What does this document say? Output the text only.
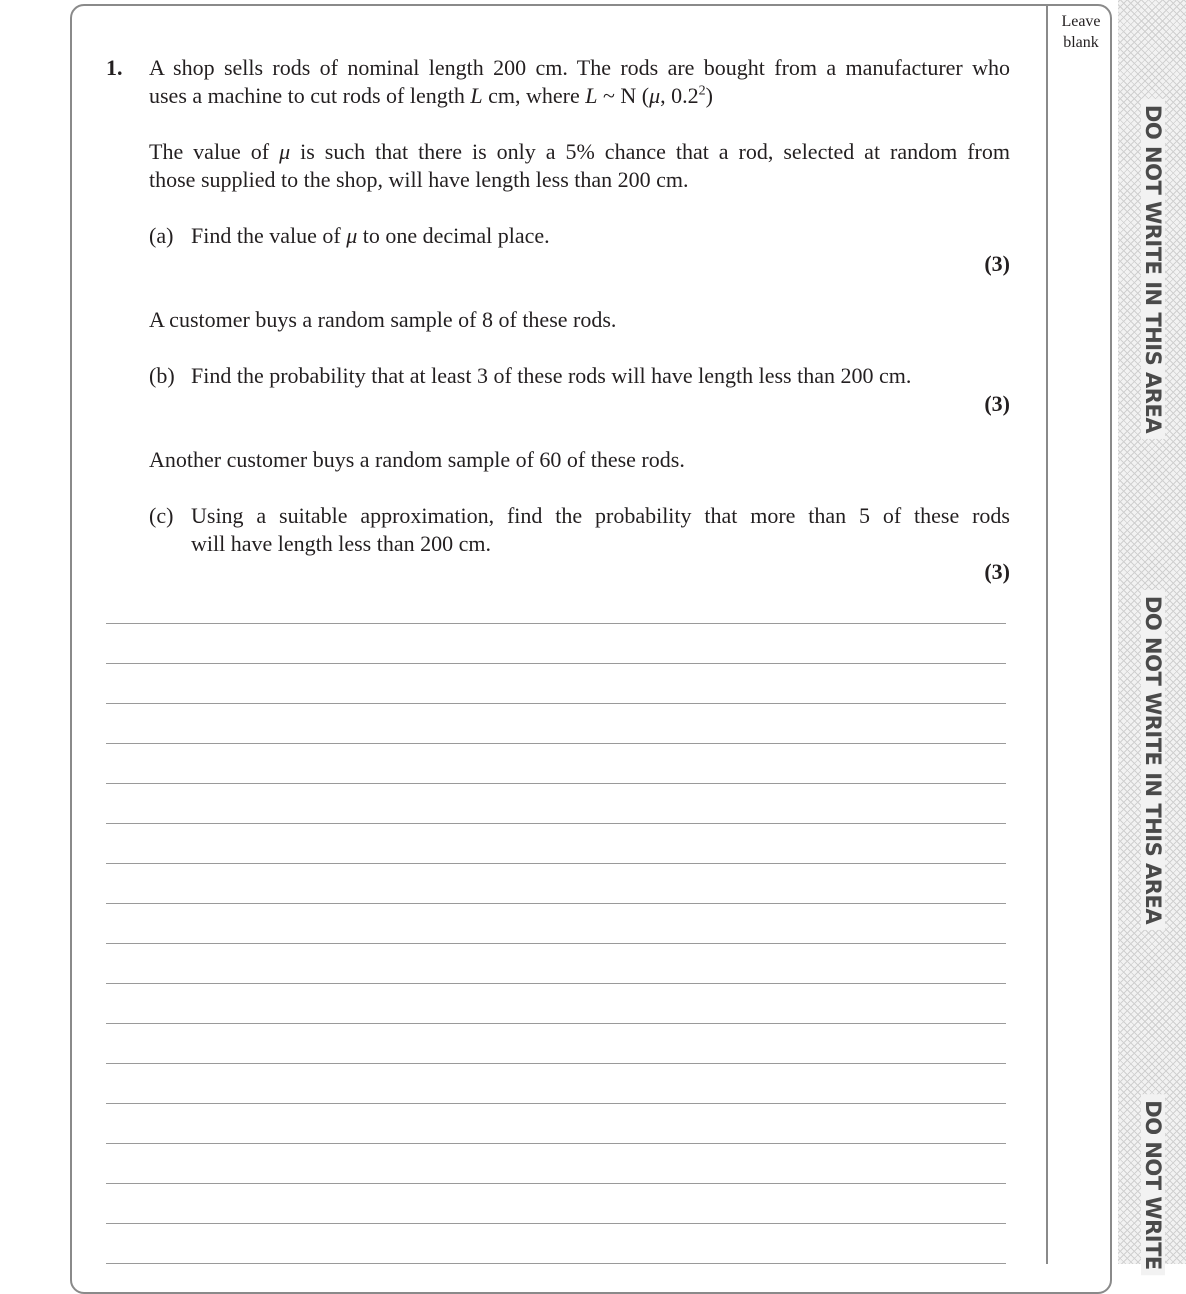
Leave
blank
DO NOT WRITE IN THIS AREA
DO NOT WRITE IN THIS AREA
DO NOT WRITE
1. A shop sells rods of nominal length 200 cm. The rods are bought from a manufacturer who
uses a machine to cut rods of length L cm, where L ~ N (μ, $0.2^2$)
The value of μ is such that there is only a 5% chance that a rod, selected at random from
those supplied to the shop, will have length less than 200 cm.
(a) Find the value of μ to one decimal place.
(3)
A customer buys a random sample of 8 of these rods.
(b) Find the probability that at least 3 of these rods will have length less than 200 cm.
(3)
Another customer buys a random sample of 60 of these rods.
(c) Using a suitable approximation, find the probability that more than 5 of these rods
will have length less than 200 cm.
(3)
